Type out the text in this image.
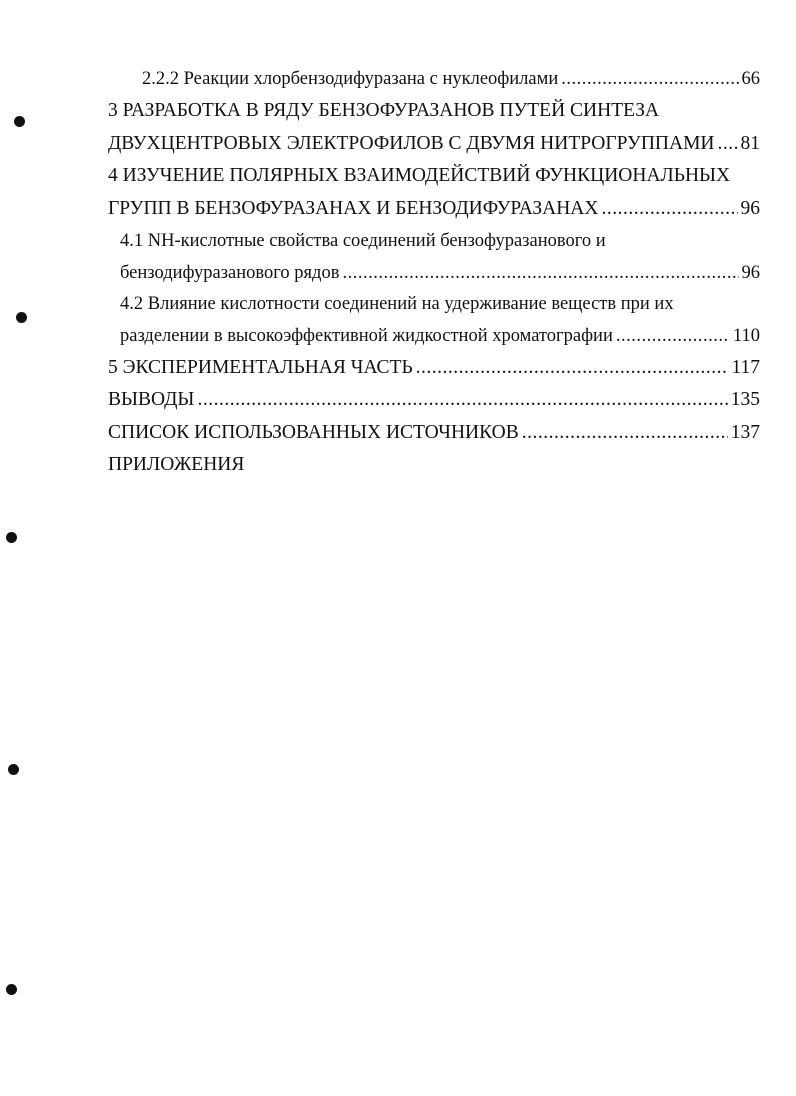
2.2.2 Реакции хлорбензодифуразана с нуклеофилами .....	66
3 РАЗРАБОТКА В РЯДУ БЕНЗОФУРАЗАНОВ ПУТЕЙ СИНТЕЗА
ДВУХЦЕНТРОВЫХ ЭЛЕКТРОФИЛОВ С ДВУМЯ НИТРОГРУППАМИ ..... 81
4 ИЗУЧЕНИЕ ПОЛЯРНЫХ ВЗАИМОДЕЙСТВИЙ ФУНКЦИОНАЛЬНЫХ
ГРУПП В БЕНЗОФУРАЗАНАХ И БЕНЗОДИФУРАЗАНАХ .....	96
4.1 NH-кислотные свойства соединений бензофуразанового и
бензодифуразанового рядов .....	96
4.2 Влияние кислотности соединений на удерживание веществ при их
разделении в высокоэффективной жидкостной хроматографии .....	110
5 ЭКСПЕРИМЕНТАЛЬНАЯ ЧАСТЬ .....	117
ВЫВОДЫ .....	135
СПИСОК ИСПОЛЬЗОВАННЫХ ИСТОЧНИКОВ .....	137
ПРИЛОЖЕНИЯ
